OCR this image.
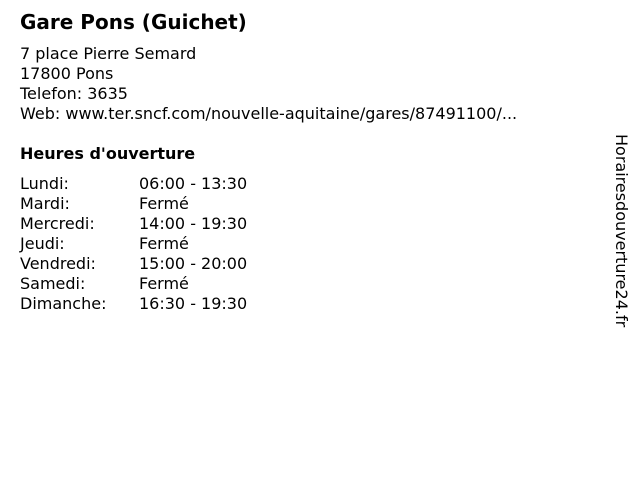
Gare Pons (Guichet)
7 place Pierre Semard
17800 Pons
Telefon: 3635
Web: www.ter.sncf.com/nouvelle-aquitaine/gares/87491100/...
Heures d'ouverture
Lundi:	06:00 - 13:30
Mardi:	Fermé
Mercredi:	14:00 - 19:30
Jeudi:	Fermé
Vendredi:	15:00 - 20:00
Samedi:	Fermé
Dimanche:	16:30 - 19:30	Horairesdouverture24.fr
